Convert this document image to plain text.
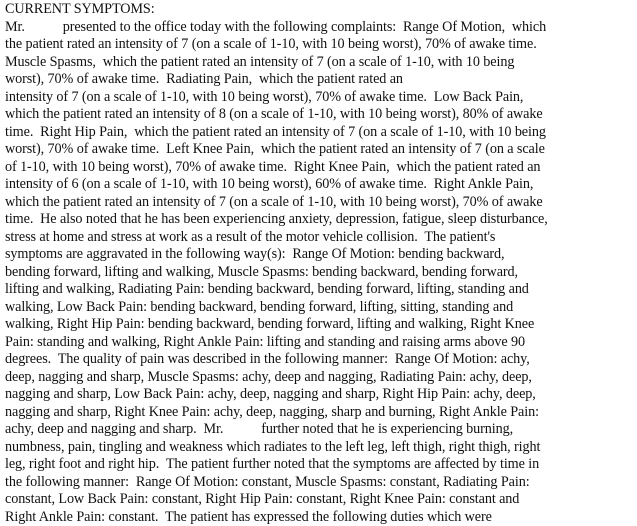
CURRENT SYMPTOMS:
Mr.           presented to the office today with the following complaints:  Range Of Motion,  which
the patient rated an intensity of 7 (on a scale of 1-10, with 10 being worst), 70% of awake time.
Muscle Spasms,  which the patient rated an intensity of 7 (on a scale of 1-10, with 10 being
worst), 70% of awake time.  Radiating Pain,  which the patient rated an
intensity of 7 (on a scale of 1-10, with 10 being worst), 70% of awake time.  Low Back Pain,
which the patient rated an intensity of 8 (on a scale of 1-10, with 10 being worst), 80% of awake
time.  Right Hip Pain,  which the patient rated an intensity of 7 (on a scale of 1-10, with 10 being
worst), 70% of awake time.  Left Knee Pain,  which the patient rated an intensity of 7 (on a scale
of 1-10, with 10 being worst), 70% of awake time.  Right Knee Pain,  which the patient rated an
intensity of 6 (on a scale of 1-10, with 10 being worst), 60% of awake time.  Right Ankle Pain,
which the patient rated an intensity of 7 (on a scale of 1-10, with 10 being worst), 70% of awake
time.  He also noted that he has been experiencing anxiety, depression, fatigue, sleep disturbance,
stress at home and stress at work as a result of the motor vehicle collision.  The patient's
symptoms are aggravated in the following way(s):  Range Of Motion: bending backward,
bending forward, lifting and walking, Muscle Spasms: bending backward, bending forward,
lifting and walking, Radiating Pain: bending backward, bending forward, lifting, standing and
walking, Low Back Pain: bending backward, bending forward, lifting, sitting, standing and
walking, Right Hip Pain: bending backward, bending forward, lifting and walking, Right Knee
Pain: standing and walking, Right Ankle Pain: lifting and standing and raising arms above 90
degrees.  The quality of pain was described in the following manner:  Range Of Motion: achy,
deep, nagging and sharp, Muscle Spasms: achy, deep and nagging, Radiating Pain: achy, deep,
nagging and sharp, Low Back Pain: achy, deep, nagging and sharp, Right Hip Pain: achy, deep,
nagging and sharp, Right Knee Pain: achy, deep, nagging, sharp and burning, Right Ankle Pain:
achy, deep and nagging and sharp.  Mr.           further noted that he is experiencing burning,
numbness, pain, tingling and weakness which radiates to the left leg, left thigh, right thigh, right
leg, right foot and right hip.  The patient further noted that the symptoms are affected by time in
the following manner:  Range Of Motion: constant, Muscle Spasms: constant, Radiating Pain:
constant, Low Back Pain: constant, Right Hip Pain: constant, Right Knee Pain: constant and
Right Ankle Pain: constant.  The patient has expressed the following duties which were
